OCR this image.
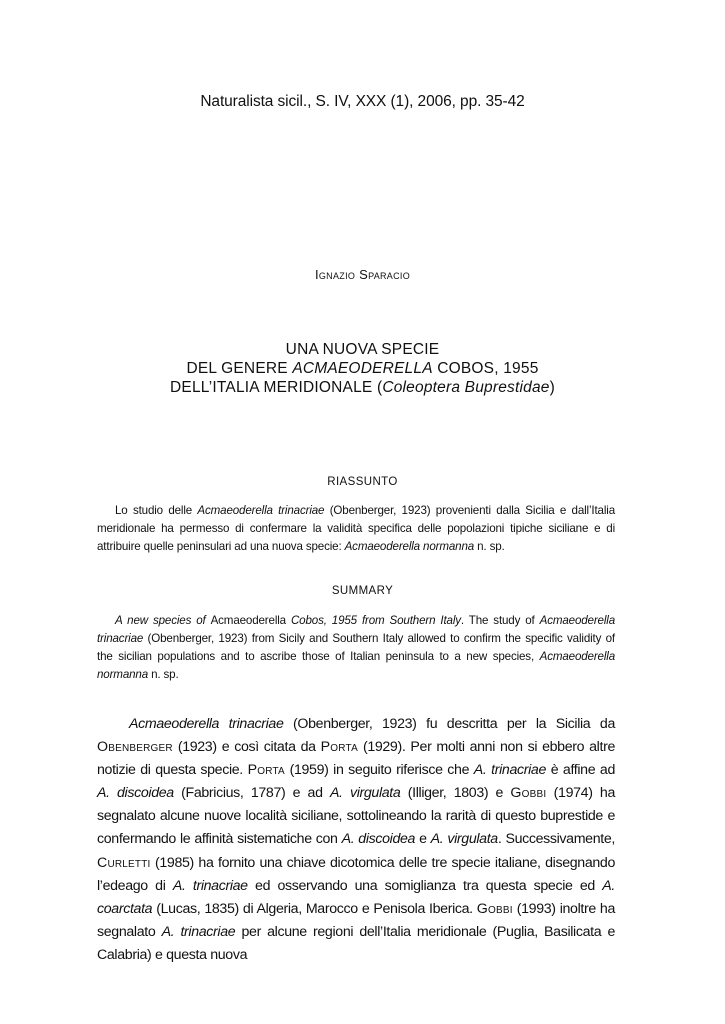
Naturalista sicil., S. IV, XXX (1), 2006, pp. 35-42
Ignazio Sparacio
UNA NUOVA SPECIE
DEL GENERE ACMAEODERELLA COBOS, 1955
DELL’ITALIA MERIDIONALE (Coleoptera Buprestidae)
RIASSUNTO
Lo studio delle Acmaeoderella trinacriae (Obenberger, 1923) provenienti dalla Sicilia e dall’Italia meridionale ha permesso di confermare la validità specifica delle popolazioni tipiche siciliane e di attribuire quelle peninsulari ad una nuova specie: Acmaeoderella normanna n. sp.
SUMMARY
A new species of Acmaeoderella Cobos, 1955 from Southern Italy. The study of Acmaeoderella trinacriae (Obenberger, 1923) from Sicily and Southern Italy allowed to confirm the specific validity of the sicilian populations and to ascribe those of Italian peninsula to a new species, Acmaeoderella normanna n. sp.
Acmaeoderella trinacriae (Obenberger, 1923) fu descritta per la Sicilia da Obenberger (1923) e così citata da Porta (1929). Per molti anni non si ebbero altre notizie di questa specie. Porta (1959) in seguito riferisce che A. trinacriae è affine ad A. discoidea (Fabricius, 1787) e ad A. virgulata (Illiger, 1803) e Gobbi (1974) ha segnalato alcune nuove località siciliane, sottolineando la rarità di questo buprestide e confermando le affinità sistematiche con A. discoidea e A. virgulata. Successivamente, Curletti (1985) ha fornito una chiave dicotomica delle tre specie italiane, disegnando l’edeago di A. trinacriae ed osservando una somiglianza tra questa specie ed A. coarctata (Lucas, 1835) di Algeria, Marocco e Penisola Iberica. Gobbi (1993) inoltre ha segnalato A. trinacriae per alcune regioni dell’Italia meridionale (Puglia, Basilicata e Calabria) e questa nuova
